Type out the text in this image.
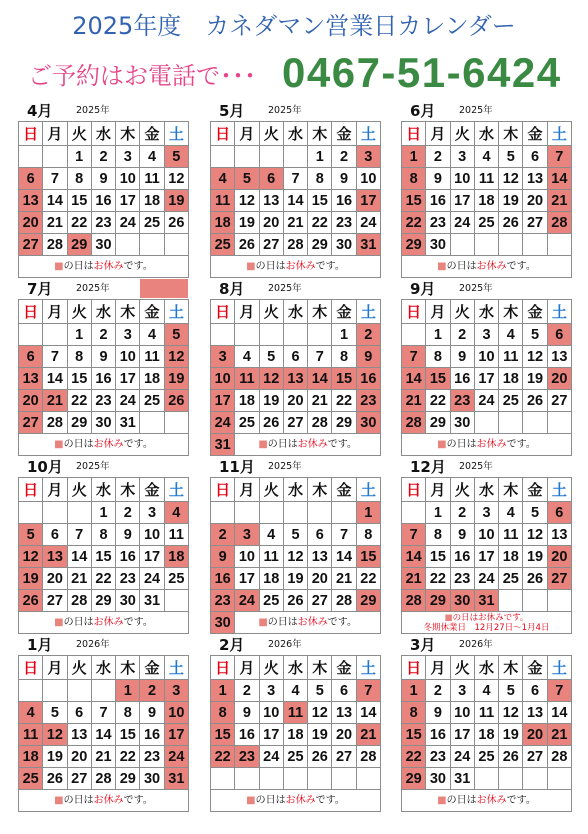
2025年度　カネダマン営業日カレンダー
ご予約はお電話で･･･ 0467-51-6424
4月 2025年
日	月	火	水	木	金	土
		1	2	3	4	5
6	7	8	9	10	11	12
13	14	15	16	17	18	19
20	21	22	23	24	25	26
27	28	29	30			
■の日はお休みです。						
5月 2025年
日	月	火	水	木	金	土
				1	2	3
4	5	6	7	8	9	10
11	12	13	14	15	16	17
18	19	20	21	22	23	24
25	26	27	28	29	30	31
■の日はお休みです。						
6月 2025年
日	月	火	水	木	金	土
1	2	3	4	5	6	7
8	9	10	11	12	13	14
15	16	17	18	19	20	21
22	23	24	25	26	27	28
29	30					
■の日はお休みです。						
7月 2025年
日	月	火	水	木	金	土
		1	2	3	4	5
6	7	8	9	10	11	12
13	14	15	16	17	18	19
20	21	22	23	24	25	26
27	28	29	30	31		
■の日はお休みです。						
8月 2025年
日	月	火	水	木	金	土
					1	2
3	4	5	6	7	8	9
10	11	12	13	14	15	16
17	18	19	20	21	22	23
24	25	26	27	28	29	30
31	■の日はお休みです。					
9月 2025年
日	月	火	水	木	金	土
	1	2	3	4	5	6
7	8	9	10	11	12	13
14	15	16	17	18	19	20
21	22	23	24	25	26	27
28	29	30				
■の日はお休みです。						
10月 2025年
日	月	火	水	木	金	土
			1	2	3	4
5	6	7	8	9	10	11
12	13	14	15	16	17	18
19	20	21	22	23	24	25
26	27	28	29	30	31	
■の日はお休みです。						
11月 2025年
日	月	火	水	木	金	土
						1
2	3	4	5	6	7	8
9	10	11	12	13	14	15
16	17	18	19	20	21	22
23	24	25	26	27	28	29
30	■の日はお休みです。					
12月 2025年
日	月	火	水	木	金	土
	1	2	3	4	5	6
7	8	9	10	11	12	13
14	15	16	17	18	19	20
21	22	23	24	25	26	27
28	29	30	31			

■の日はお休みです。
冬期休業日　12月27日～1月4日						
1月 2026年
日	月	火	水	木	金	土
				1	2	3
4	5	6	7	8	9	10
11	12	13	14	15	16	17
18	19	20	21	22	23	24
25	26	27	28	29	30	31
■の日はお休みです。						
2月 2026年
日	月	火	水	木	金	土
1	2	3	4	5	6	7
8	9	10	11	12	13	14
15	16	17	18	19	20	21
22	23	24	25	26	27	28

■の日はお休みです。						
3月 2026年
日	月	火	水	木	金	土
1	2	3	4	5	6	7
8	9	10	11	12	13	14
15	16	17	18	19	20	21
22	23	24	25	26	27	28
29	30	31				
■の日はお休みです。						
